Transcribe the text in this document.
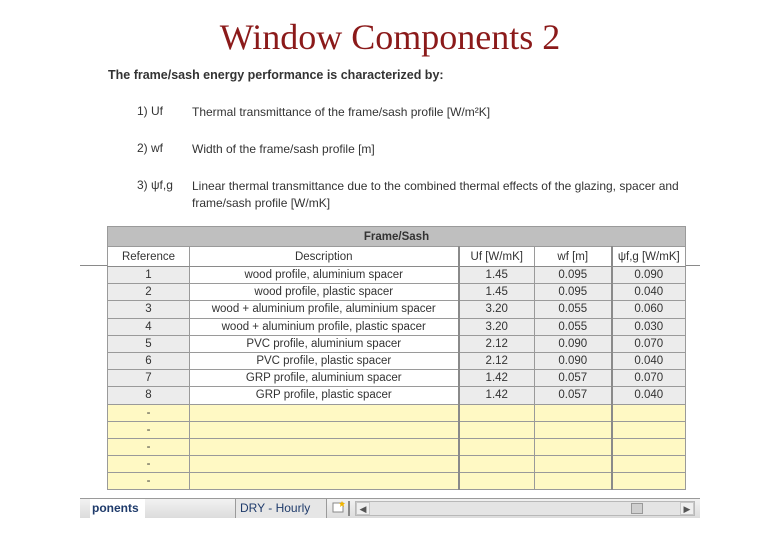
Window Components 2
The frame/sash energy performance is characterized by:
1) Uf Thermal transmittance of the frame/sash profile [W/m²K]
2) wf Width of the frame/sash profile [m]
3) ψf,g Linear thermal transmittance due to the combined thermal effects of the glazing, spacer and frame/sash profile [W/mK]
Frame/Sash				
Reference	Description	Uf [W/mK]	wf [m]	ψf,g [W/mK]
1	wood profile, aluminium spacer	1.45	0.095	0.090
2	wood profile, plastic spacer	1.45	0.095	0.040
3	wood + aluminium profile, aluminium spacer	3.20	0.055	0.060
4	wood + aluminium profile, plastic spacer	3.20	0.055	0.030
5	PVC profile, aluminium spacer	2.12	0.090	0.070
6	PVC profile, plastic spacer	2.12	0.090	0.040
7	GRP profile, aluminium spacer	1.42	0.057	0.070
8	GRP profile, plastic spacer	1.42	0.057	0.040
-				
-				
-				
-				
-				
ponents	DRY - Hourly	◀	▶
